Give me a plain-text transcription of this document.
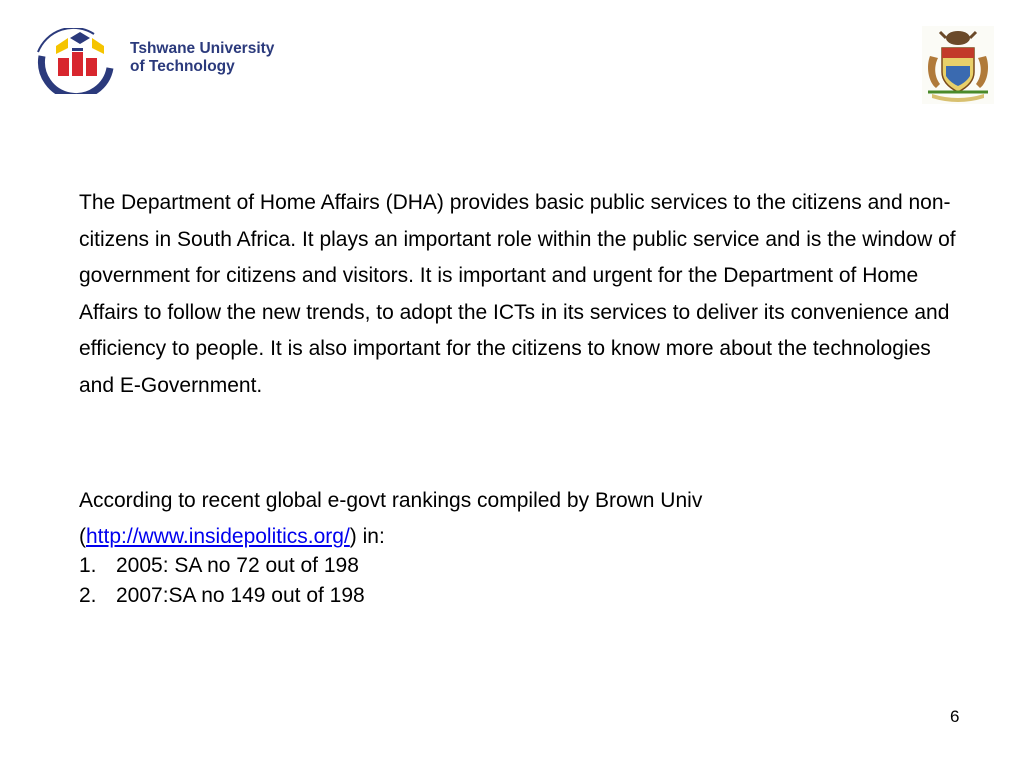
Tshwane University
of Technology
The Department of Home Affairs (DHA) provides basic public services to the citizens and non-citizens in South Africa. It plays an important role within the public service and is the window of government for citizens and visitors. It is important and urgent for the Department of Home Affairs to follow the new trends, to adopt the ICTs in its services to deliver its convenience and efficiency to people. It is also important for the citizens to know more about the technologies and E-Government.
According to recent global e-govt rankings compiled by Brown Univ
(http://www.insidepolitics.org/) in:
1. 2005: SA no 72 out of 198
2. 2007:SA no 149 out of 198
6
